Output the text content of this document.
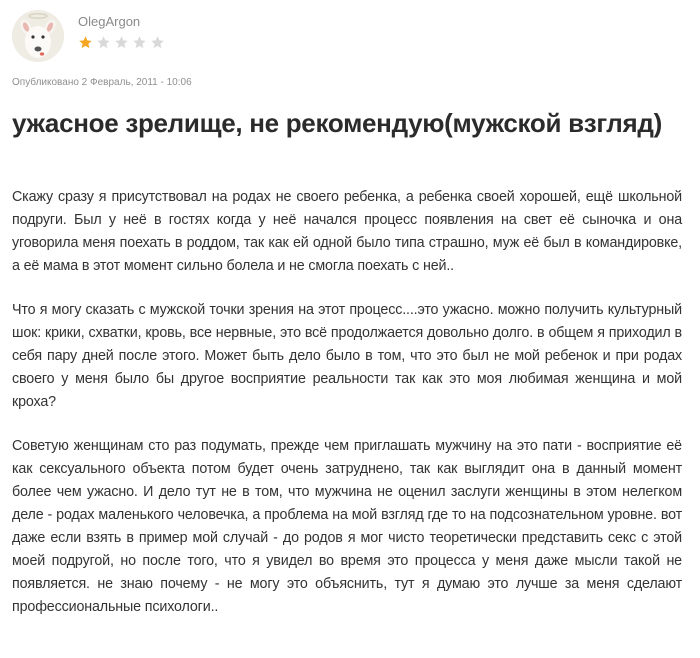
OlegArgon
Опубликовано 2 Февраль, 2011 - 10:06
ужасное зрелище, не рекомендую(мужской взгляд)

Скажу сразу я присутствовал на родах не своего ребенка, а ребенка своей хорошей, ещё школьной подруги. Был у неё в гостях когда у неё начался процесс появления на свет её сыночка и она уговорила меня поехать в роддом, так как ей одной было типа страшно, муж её был в командировке, а её мама в этот момент сильно болела и не смогла поехать с ней..

Что я могу сказать с мужской точки зрения на этот процесс....это ужасно. можно получить культурный шок: крики, схватки, кровь, все нервные, это всё продолжается довольно долго. в общем я приходил в себя пару дней после этого. Может быть дело было в том, что это был не мой ребенок и при родах своего у меня было бы другое восприятие реальности так как это моя любимая женщина и мой кроха?

Советую женщинам сто раз подумать, прежде чем приглашать мужчину на это пати - восприятие её как сексуального объекта потом будет очень затруднено, так как выглядит она в данный момент более чем ужасно. И дело тут не в том, что мужчина не оценил заслуги женщины в этом нелегком деле - родах маленького человечка, а проблема на мой взгляд где то на подсознательном уровне. вот даже если взять в пример мой случай - до родов я мог чисто теоретически представить секс с этой моей подругой, но после того, что я увидел во время это процесса у меня даже мысли такой не появляется. не знаю почему - не могу это объяснить, тут я думаю это лучше за меня сделают профессиональные психологи..
